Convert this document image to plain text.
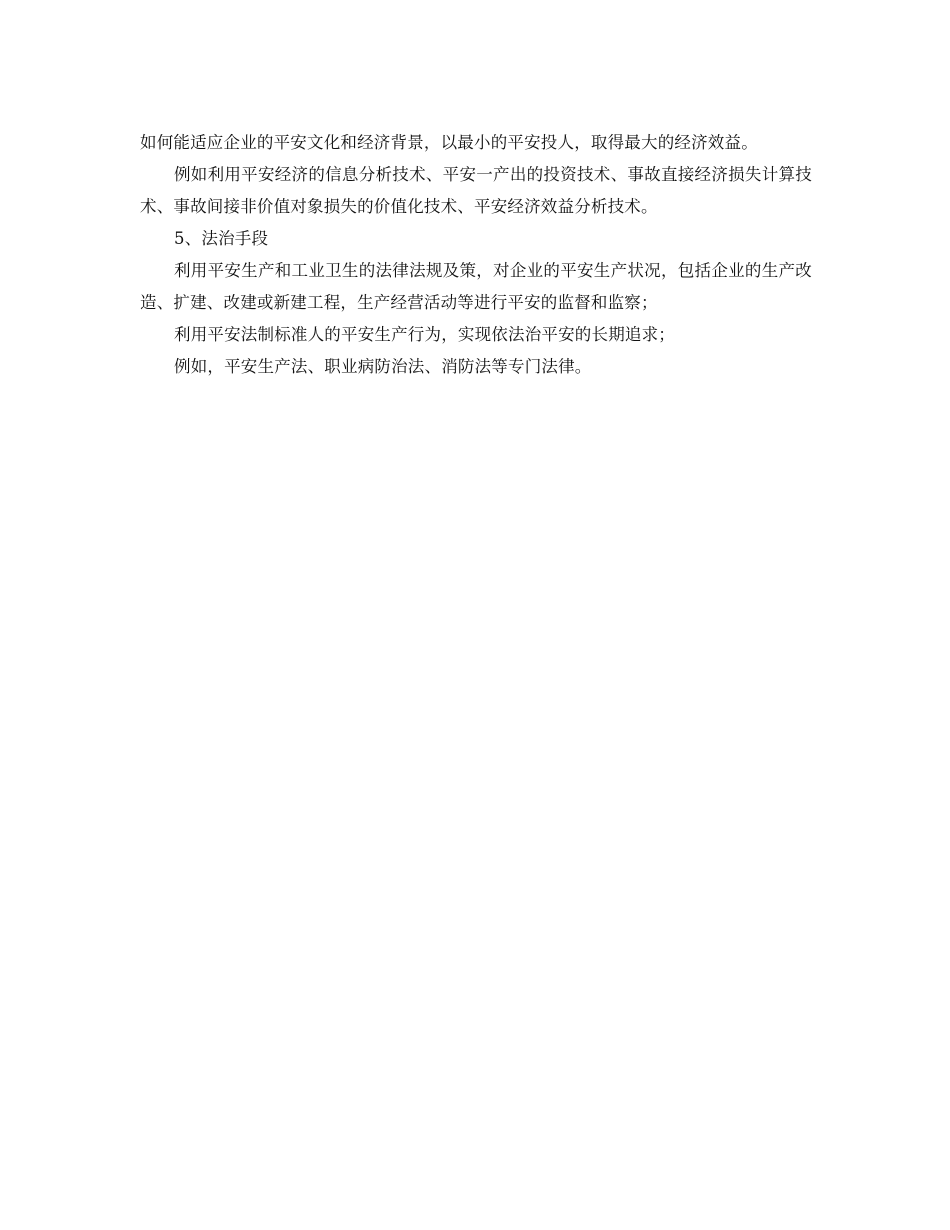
如何能适应企业的平安文化和经济背景，以最小的平安投人，取得最大的经济效益。

例如利用平安经济的信息分析技术、平安一产出的投资技术、事故直接经济损失计算技术、事故间接非价值对象损失的价值化技术、平安经济效益分析技术。

5、法治手段

利用平安生产和工业卫生的法律法规及策，对企业的平安生产状况，包括企业的生产改造、扩建、改建或新建工程，生产经营活动等进行平安的监督和监察；

利用平安法制标准人的平安生产行为，实现依法治平安的长期追求；

例如，平安生产法、职业病防治法、消防法等专门法律。
